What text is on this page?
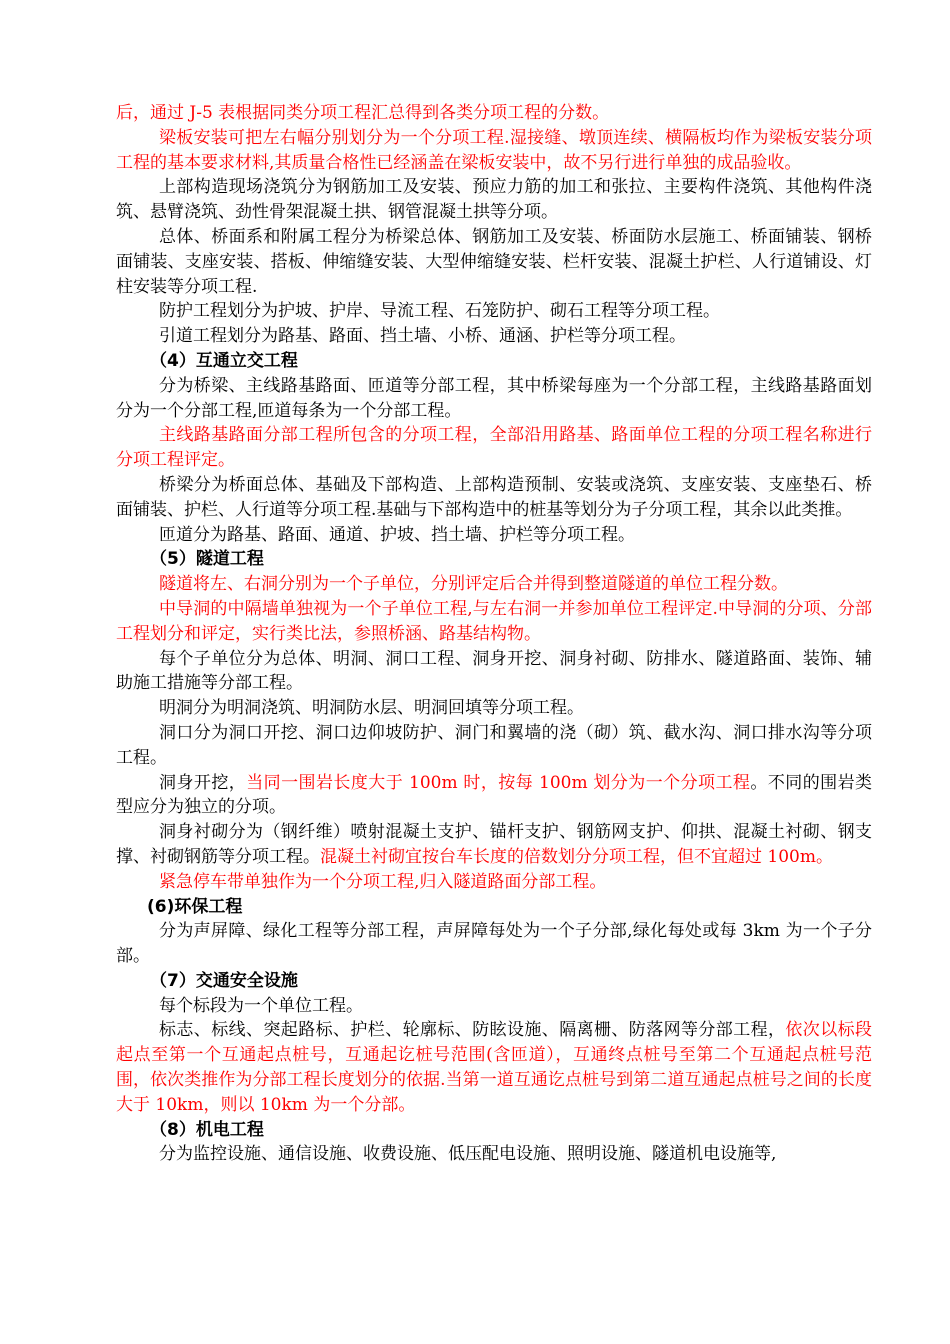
后，通过 J-5 表根据同类分项工程汇总得到各类分项工程的分数。

梁板安装可把左右幅分别划分为一个分项工程.湿接缝、墩顶连续、横隔板均作为梁板安装分项工程的基本要求材料,其质量合格性已经涵盖在梁板安装中，故不另行进行单独的成品验收。

上部构造现场浇筑分为钢筋加工及安装、预应力筋的加工和张拉、主要构件浇筑、其他构件浇筑、悬臂浇筑、劲性骨架混凝土拱、钢管混凝土拱等分项。

总体、桥面系和附属工程分为桥梁总体、钢筋加工及安装、桥面防水层施工、桥面铺装、钢桥面铺装、支座安装、搭板、伸缩缝安装、大型伸缩缝安装、栏杆安装、混凝土护栏、人行道铺设、灯柱安装等分项工程.

防护工程划分为护坡、护岸、导流工程、石笼防护、砌石工程等分项工程。

引道工程划分为路基、路面、挡土墙、小桥、通涵、护栏等分项工程。

（4）互通立交工程

分为桥梁、主线路基路面、匝道等分部工程，其中桥梁每座为一个分部工程，主线路基路面划分为一个分部工程,匝道每条为一个分部工程。

主线路基路面分部工程所包含的分项工程，全部沿用路基、路面单位工程的分项工程名称进行分项工程评定。

桥梁分为桥面总体、基础及下部构造、上部构造预制、安装或浇筑、支座安装、支座垫石、桥面铺装、护栏、人行道等分项工程.基础与下部构造中的桩基等划分为子分项工程，其余以此类推。

匝道分为路基、路面、通道、护坡、挡土墙、护栏等分项工程。

（5）隧道工程

隧道将左、右洞分别为一个子单位，分别评定后合并得到整道隧道的单位工程分数。

中导洞的中隔墙单独视为一个子单位工程,与左右洞一并参加单位工程评定.中导洞的分项、分部工程划分和评定，实行类比法，参照桥涵、路基结构物。

每个子单位分为总体、明洞、洞口工程、洞身开挖、洞身衬砌、防排水、隧道路面、装饰、辅助施工措施等分部工程。

明洞分为明洞浇筑、明洞防水层、明洞回填等分项工程。

洞口分为洞口开挖、洞口边仰坡防护、洞门和翼墙的浇（砌）筑、截水沟、洞口排水沟等分项工程。

洞身开挖，当同一围岩长度大于 100m 时，按每 100m 划分为一个分项工程。不同的围岩类型应分为独立的分项。

洞身衬砌分为（钢纤维）喷射混凝土支护、锚杆支护、钢筋网支护、仰拱、混凝土衬砌、钢支撑、衬砌钢筋等分项工程。混凝土衬砌宜按台车长度的倍数划分分项工程，但不宜超过 100m。

紧急停车带单独作为一个分项工程,归入隧道路面分部工程。

(6)环保工程

分为声屏障、绿化工程等分部工程，声屏障每处为一个子分部,绿化每处或每 3km 为一个子分部。

（7）交通安全设施

每个标段为一个单位工程。

标志、标线、突起路标、护栏、轮廓标、防眩设施、隔离栅、防落网等分部工程，依次以标段起点至第一个互通起点桩号，互通起讫桩号范围(含匝道），互通终点桩号至第二个互通起点桩号范围，依次类推作为分部工程长度划分的依据.当第一道互通讫点桩号到第二道互通起点桩号之间的长度大于 10km，则以 10km 为一个分部。

（8）机电工程

分为监控设施、通信设施、收费设施、低压配电设施、照明设施、隧道机电设施等,
